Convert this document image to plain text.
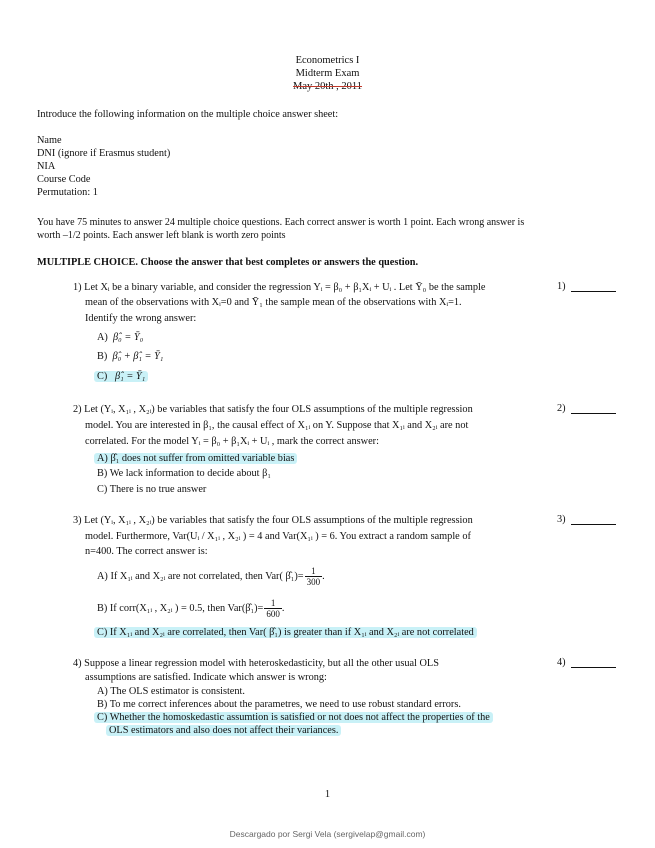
Econometrics I
Midterm Exam
May 20th , 2011
Introduce the following information on the multiple choice answer sheet:
Name
DNI (ignore if Erasmus student)
NIA
Course Code
Permutation: 1
You have 75 minutes to answer 24 multiple choice questions. Each correct answer is worth 1 point. Each wrong answer is
worth –1/2 points. Each answer left blank is worth zero points
MULTIPLE CHOICE. Choose the answer that best completes or answers the question.
1) Let Xᵢ be a binary variable, and consider the regression Yᵢ = β₀ + β₁Xᵢ + Uᵢ . Let Ȳ₀ be the sample
mean of the observations with Xᵢ=0 and Ȳ₁ the sample mean of the observations with Xᵢ=1.
Identify the wrong answer:
1)
A) β̂₀ = Ȳ₀
B) β̂₀ + β̂₁ = Ȳ₁
C) β̂₁ = Ȳ₁
2) Let (Yᵢ, X₁ᵢ , X₂ᵢ) be variables that satisfy the four OLS assumptions of the multiple regression
model. You are interested in β₁, the causal effect of X₁ᵢ on Y. Suppose that X₁ᵢ and X₂ᵢ are not
correlated. For the model Yᵢ = β₀ + β₁Xᵢ + Uᵢ , mark the correct answer:
2)
A) β̂₁ does not suffer from omitted variable bias
B) We lack information to decide about β₁
C) There is no true answer
3) Let (Yᵢ, X₁ᵢ , X₂ᵢ) be variables that satisfy the four OLS assumptions of the multiple regression
model. Furthermore, Var(Uᵢ / X₁ᵢ , X₂ᵢ ) = 4 and Var(X₁ᵢ ) = 6. You extract a random sample of
n=400. The correct answer is:
3)
A) If X₁ᵢ and X₂ᵢ are not correlated, then Var( β̂₁)= $\frac{1}{300}$ .
B) If corr(X₁ᵢ , X₂ᵢ ) = 0.5, then Var(β̂₁)= $\frac{1}{600}$ .
C) If X₁ᵢ and X₂ᵢ are correlated, then Var( β̂₁) is greater than if X₁ᵢ and X₂ᵢ are not correlated
4) Suppose a linear regression model with heteroskedasticity, but all the other usual OLS
assumptions are satisfied. Indicate which answer is wrong:
4)
A) The OLS estimator is consistent.
B) To me correct inferences about the parametres, we need to use robust standard errors.
C) Whether the homoskedastic assumtion is satisfied or not does not affect the properties of the
OLS estimators and also does not affect their variances.
1
Descargado por Sergi Vela (sergivelap@gmail.com)
